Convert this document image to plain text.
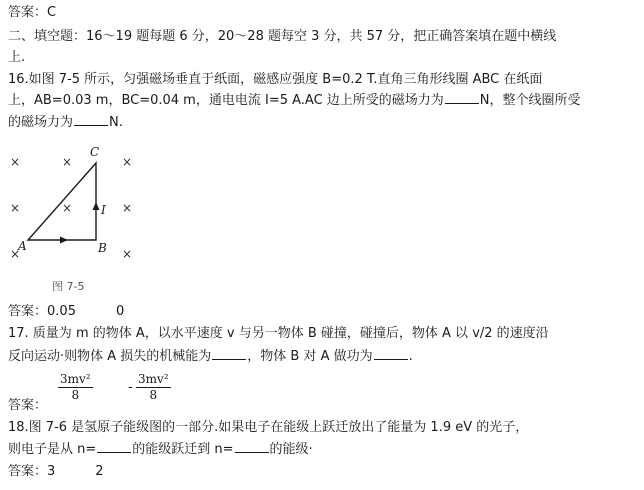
答案：C
二、填空题：16～19 题每题 6 分，20～28 题每空 3 分，共 57 分，把正确答案填在题中横线
上.
16.如图 7-5 所示，匀强磁场垂直于纸面，磁感应强度 B=0.2 T.直角三角形线圈 ABC 在纸面
上，AB=0.03 m，BC=0.04 m，通电电流 I=5 A.AC 边上所受的磁场力为	N，整个线圈所受
的磁场力为	N.
×	×	×
×	×	×
×	×
C
A	B
I
图 7-5
答案：0.05	0
17. 质量为 m 的物体 A，以水平速度 v 与另一物体 B 碰撞，碰撞后，物体 A 以 v/2 的速度沿
反向运动·则物体 A 损失的机械能为	，物体 B 对 A 做功为	.
$\frac{\text{3mv²}}{8}$	- $\frac{\text{3mv²}}{8}$
答案：
18.图 7-6 是氢原子能级图的一部分.如果电子在能级上跃迁放出了能量为 1.9 eV 的光子，
则电子是从 n=	的能级跃迁到 n=	的能级·
答案：3	2
